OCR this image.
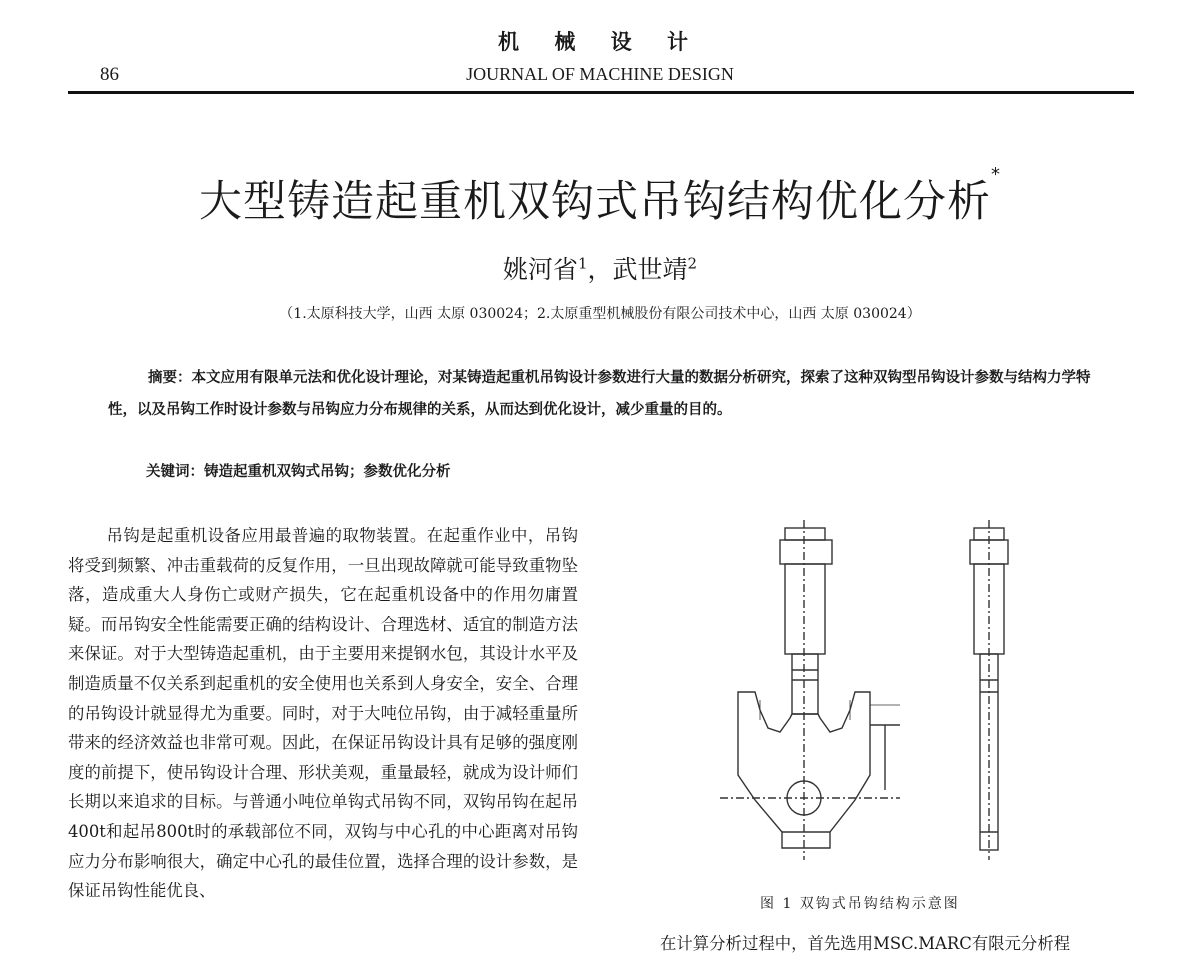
机 械 设 计
86	JOURNAL OF MACHINE DESIGN
大型铸造起重机双钩式吊钩结构优化分析*
姚河省$^1$，武世靖$^2$
（1.太原科技大学，山西 太原 030024；2.太原重型机械股份有限公司技术中心，山西 太原 030024）
摘要：本文应用有限单元法和优化设计理论，对某铸造起重机吊钩设计参数进行大量的数据分析研究，探索了这种双钩型吊钩设计参数与结构力学特性，以及吊钩工作时设计参数与吊钩应力分布规律的关系，从而达到优化设计，减少重量的目的。
关键词：铸造起重机双钩式吊钩；参数优化分析
吊钩是起重机设备应用最普遍的取物装置。在起重作业中，吊钩将受到频繁、冲击重载荷的反复作用，一旦出现故障就可能导致重物坠落，造成重大人身伤亡或财产损失，它在起重机设备中的作用勿庸置疑。而吊钩安全性能需要正确的结构设计、合理选材、适宜的制造方法来保证。对于大型铸造起重机，由于主要用来提钢水包，其设计水平及制造质量不仅关系到起重机的安全使用也关系到人身安全，安全、合理的吊钩设计就显得尤为重要。同时，对于大吨位吊钩，由于减轻重量所带来的经济效益也非常可观。因此，在保证吊钩设计具有足够的强度刚度的前提下，使吊钩设计合理、形状美观，重量最轻，就成为设计师们长期以来追求的目标。与普通小吨位单钩式吊钩不同，双钩吊钩在起吊400t和起吊800t时的承载部位不同，双钩与中心孔的中心距离对吊钩应力分布影响很大，确定中心孔的最佳位置，选择合理的设计参数，是保证吊钩性能优良、
图 1 双钩式吊钩结构示意图
在计算分析过程中，首先选用MSC.MARC有限元分析程
